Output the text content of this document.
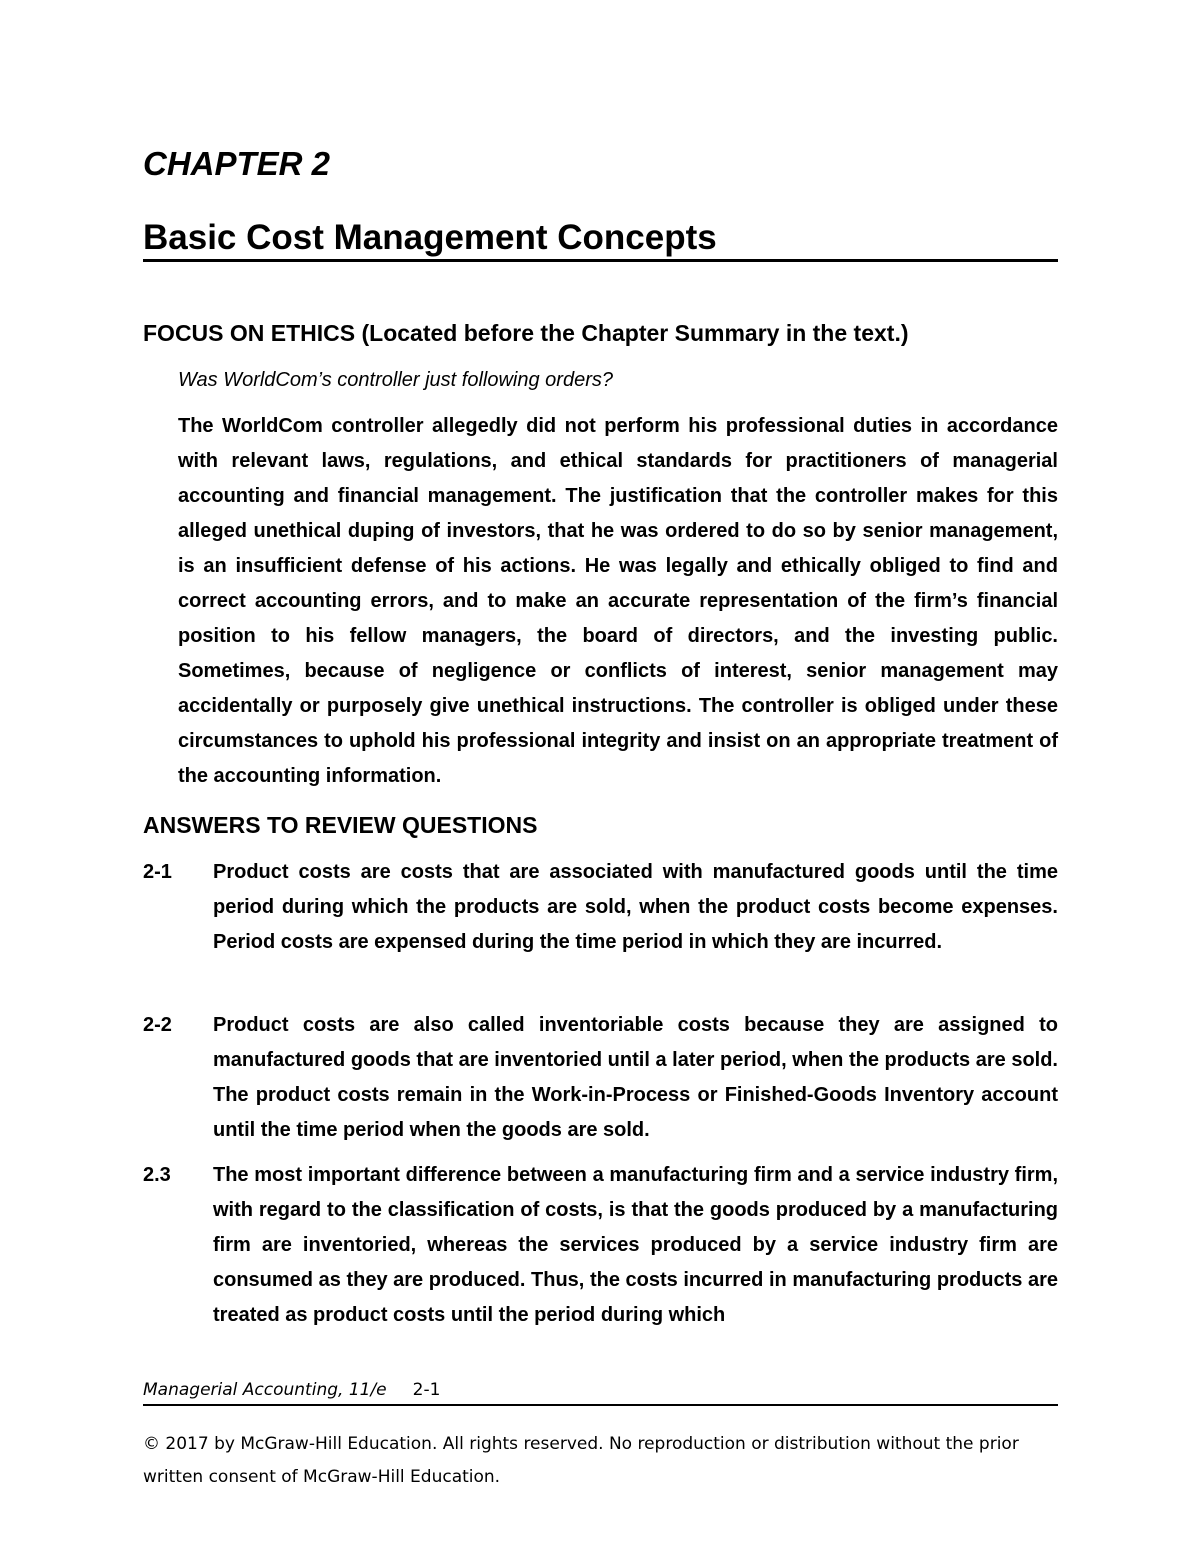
CHAPTER 2
Basic Cost Management Concepts
FOCUS ON ETHICS (Located before the Chapter Summary in the text.)

Was WorldCom’s controller just following orders?

The WorldCom controller allegedly did not perform his professional duties in accordance with relevant laws, regulations, and ethical standards for practitioners of managerial accounting and financial management. The justification that the controller makes for this alleged unethical duping of investors, that he was ordered to do so by senior management, is an insufficient defense of his actions. He was legally and ethically obliged to find and correct accounting errors, and to make an accurate representation of the firm’s financial position to his fellow managers, the board of directors, and the investing public. Sometimes, because of negligence or conflicts of interest, senior management may accidentally or purposely give unethical instructions. The controller is obliged under these circumstances to uphold his professional integrity and insist on an appropriate treatment of the accounting information.

ANSWERS TO REVIEW QUESTIONS
2-1 Product costs are costs that are associated with manufactured goods until the time period during which the products are sold, when the product costs become expenses. Period costs are expensed during the time period in which they are incurred.

2-2 Product costs are also called inventoriable costs because they are assigned to manufactured goods that are inventoried until a later period, when the products are sold. The product costs remain in the Work-in-Process or Finished-Goods Inventory account until the time period when the goods are sold.

2.3 The most important difference between a manufacturing firm and a service industry firm, with regard to the classification of costs, is that the goods produced by a manufacturing firm are inventoried, whereas the services produced by a service industry firm are consumed as they are produced. Thus, the costs incurred in manufacturing products are treated as product costs until the period during which

Managerial Accounting, 11/e 2-1

© 2017 by McGraw-Hill Education. All rights reserved. No reproduction or distribution without the prior written consent of McGraw-Hill Education.
